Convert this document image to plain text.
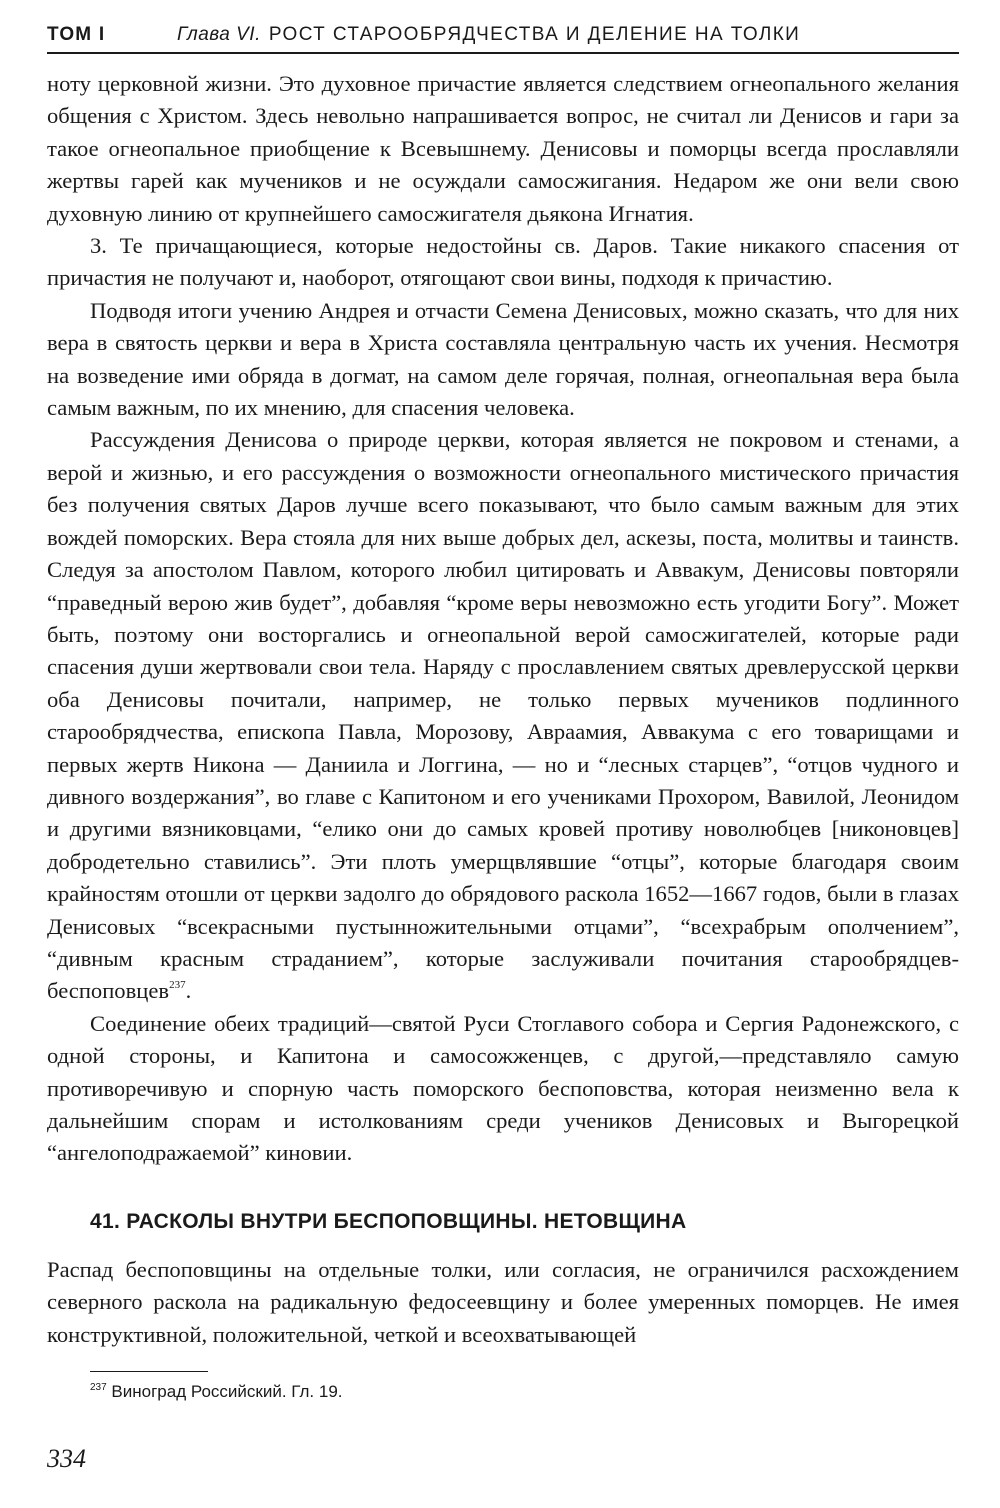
ТОМ I	Глава VI. РОСТ СТАРООБРЯДЧЕСТВА И ДЕЛЕНИЕ НА ТОЛКИ

ноту церковной жизни. Это духовное причастие является следствием огнеопального желания общения с Христом. Здесь невольно напрашивается вопрос, не считал ли Денисов и гари за такое огнеопальное приобщение к Всевышнему. Денисовы и поморцы всегда прославляли жертвы гарей как мучеников и не осуждали самосжигания. Недаром же они вели свою духовную линию от крупнейшего самосжигателя дьякона Игнатия.

3. Те причащающиеся, которые недостойны св. Даров. Такие никакого спасения от причастия не получают и, наоборот, отягощают свои вины, подходя к причастию.

Подводя итоги учению Андрея и отчасти Семена Денисовых, можно сказать, что для них вера в святость церкви и вера в Христа составляла центральную часть их учения. Несмотря на возведение ими обряда в догмат, на самом деле горячая, полная, огнеопальная вера была самым важным, по их мнению, для спасения человека.

Рассуждения Денисова о природе церкви, которая является не покровом и стенами, а верой и жизнью, и его рассуждения о возможности огнеопального мистического причастия без получения святых Даров лучше всего показывают, что было самым важным для этих вождей поморских. Вера стояла для них выше добрых дел, аскезы, поста, молитвы и таинств. Следуя за апостолом Павлом, которого любил цитировать и Аввакум, Денисовы повторяли “праведный верою жив будет”, добавляя “кроме веры невозможно есть угодити Богу”. Может быть, поэтому они восторгались и огнеопальной верой самосжигателей, которые ради спасения души жертвовали свои тела. Наряду с прославлением святых древлерусской церкви оба Денисовы почитали, например, не только первых мучеников подлинного старообрядчества, епископа Павла, Морозову, Авраамия, Аввакума с его товарищами и первых жертв Никона — Даниила и Логгина, — но и “лесных старцев”, “отцов чудного и дивного воздержания”, во главе с Капитоном и его учениками Прохором, Вавилой, Леонидом и другими вязниковцами, “елико они до самых кровей противу новолюбцев [никоновцев] добродетельно ставились”. Эти плоть умерщвлявшие “отцы”, которые благодаря своим крайностям отошли от церкви задолго до обрядового раскола 1652—1667 годов, были в глазах Денисовых “всекрасными пустынножительными отцами”, “всехрабрым ополчением”, “дивным красным страданием”, которые заслуживали почитания старообрядцев-беспоповцев$^{237}$.

Соединение обеих традиций—святой Руси Стоглавого собора и Сергия Радонежского, с одной стороны, и Капитона и самосожженцев, с другой,—представляло самую противоречивую и спорную часть поморского беспоповства, которая неизменно вела к дальнейшим спорам и истолкованиям среди учеников Денисовых и Выгорецкой “ангелоподражаемой” киновии.

41. РАСКОЛЫ ВНУТРИ БЕСПОПОВЩИНЫ. НЕТОВЩИНА

Распад беспоповщины на отдельные толки, или согласия, не ограничился расхождением северного раскола на радикальную федосеевщину и более умеренных поморцев. Не имея конструктивной, положительной, четкой и всеохватывающей

$^{237}$ Виноград Российский. Гл. 19.
334
